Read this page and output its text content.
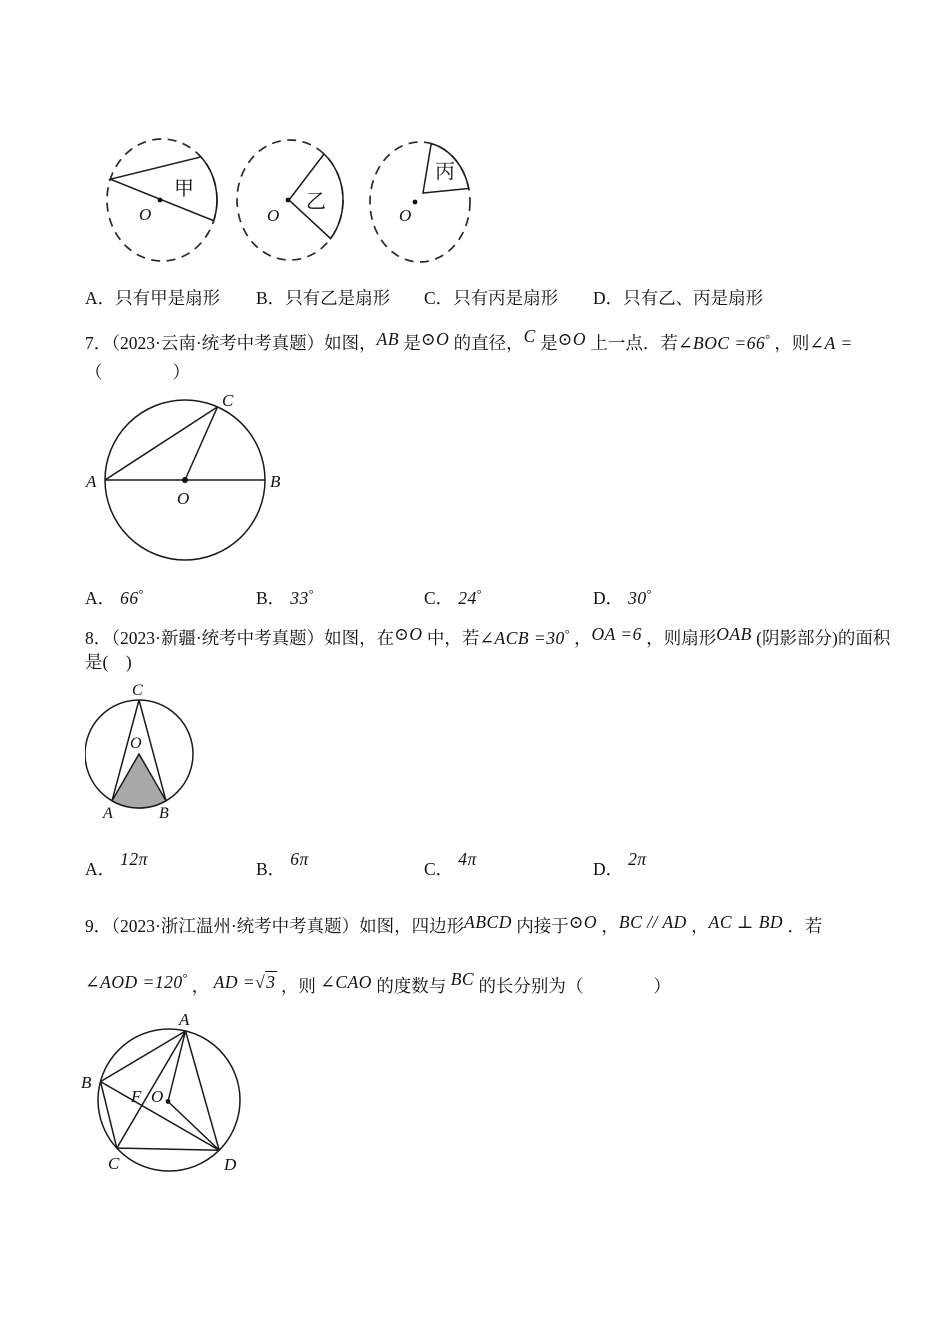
甲
O
乙
O
丙
O
A．只有甲是扇形 B．只有乙是扇形 C．只有丙是扇形 D．只有乙、丙是扇形
7．（2023·云南·统考中考真题）如图，AB 是⊙O 的直径，C 是⊙O 上一点．若∠BOC =66° ，则∠A =
（　　　　）
A	B
C
O
A． 66°	B． 33°	C． 24°	D． 30°
8．（2023·新疆·统考中考真题）如图，在⊙O 中，若∠ACB =30° ，OA =6 ，则扇形OAB (阴影部分)的面积
是(　)
C
O
A	B
A． 12π	B． 6π	C． 4π	D． 2π
9．（2023·浙江温州·统考中考真题）如图，四边形ABCD 内接于⊙O ，BC // AD ，AC ⊥ BD ．若
∠AOD =120° ， AD =√3 ，则 ∠CAO 的度数与 BC 的长分别为（　　　　）
A
B
C	D
F O
